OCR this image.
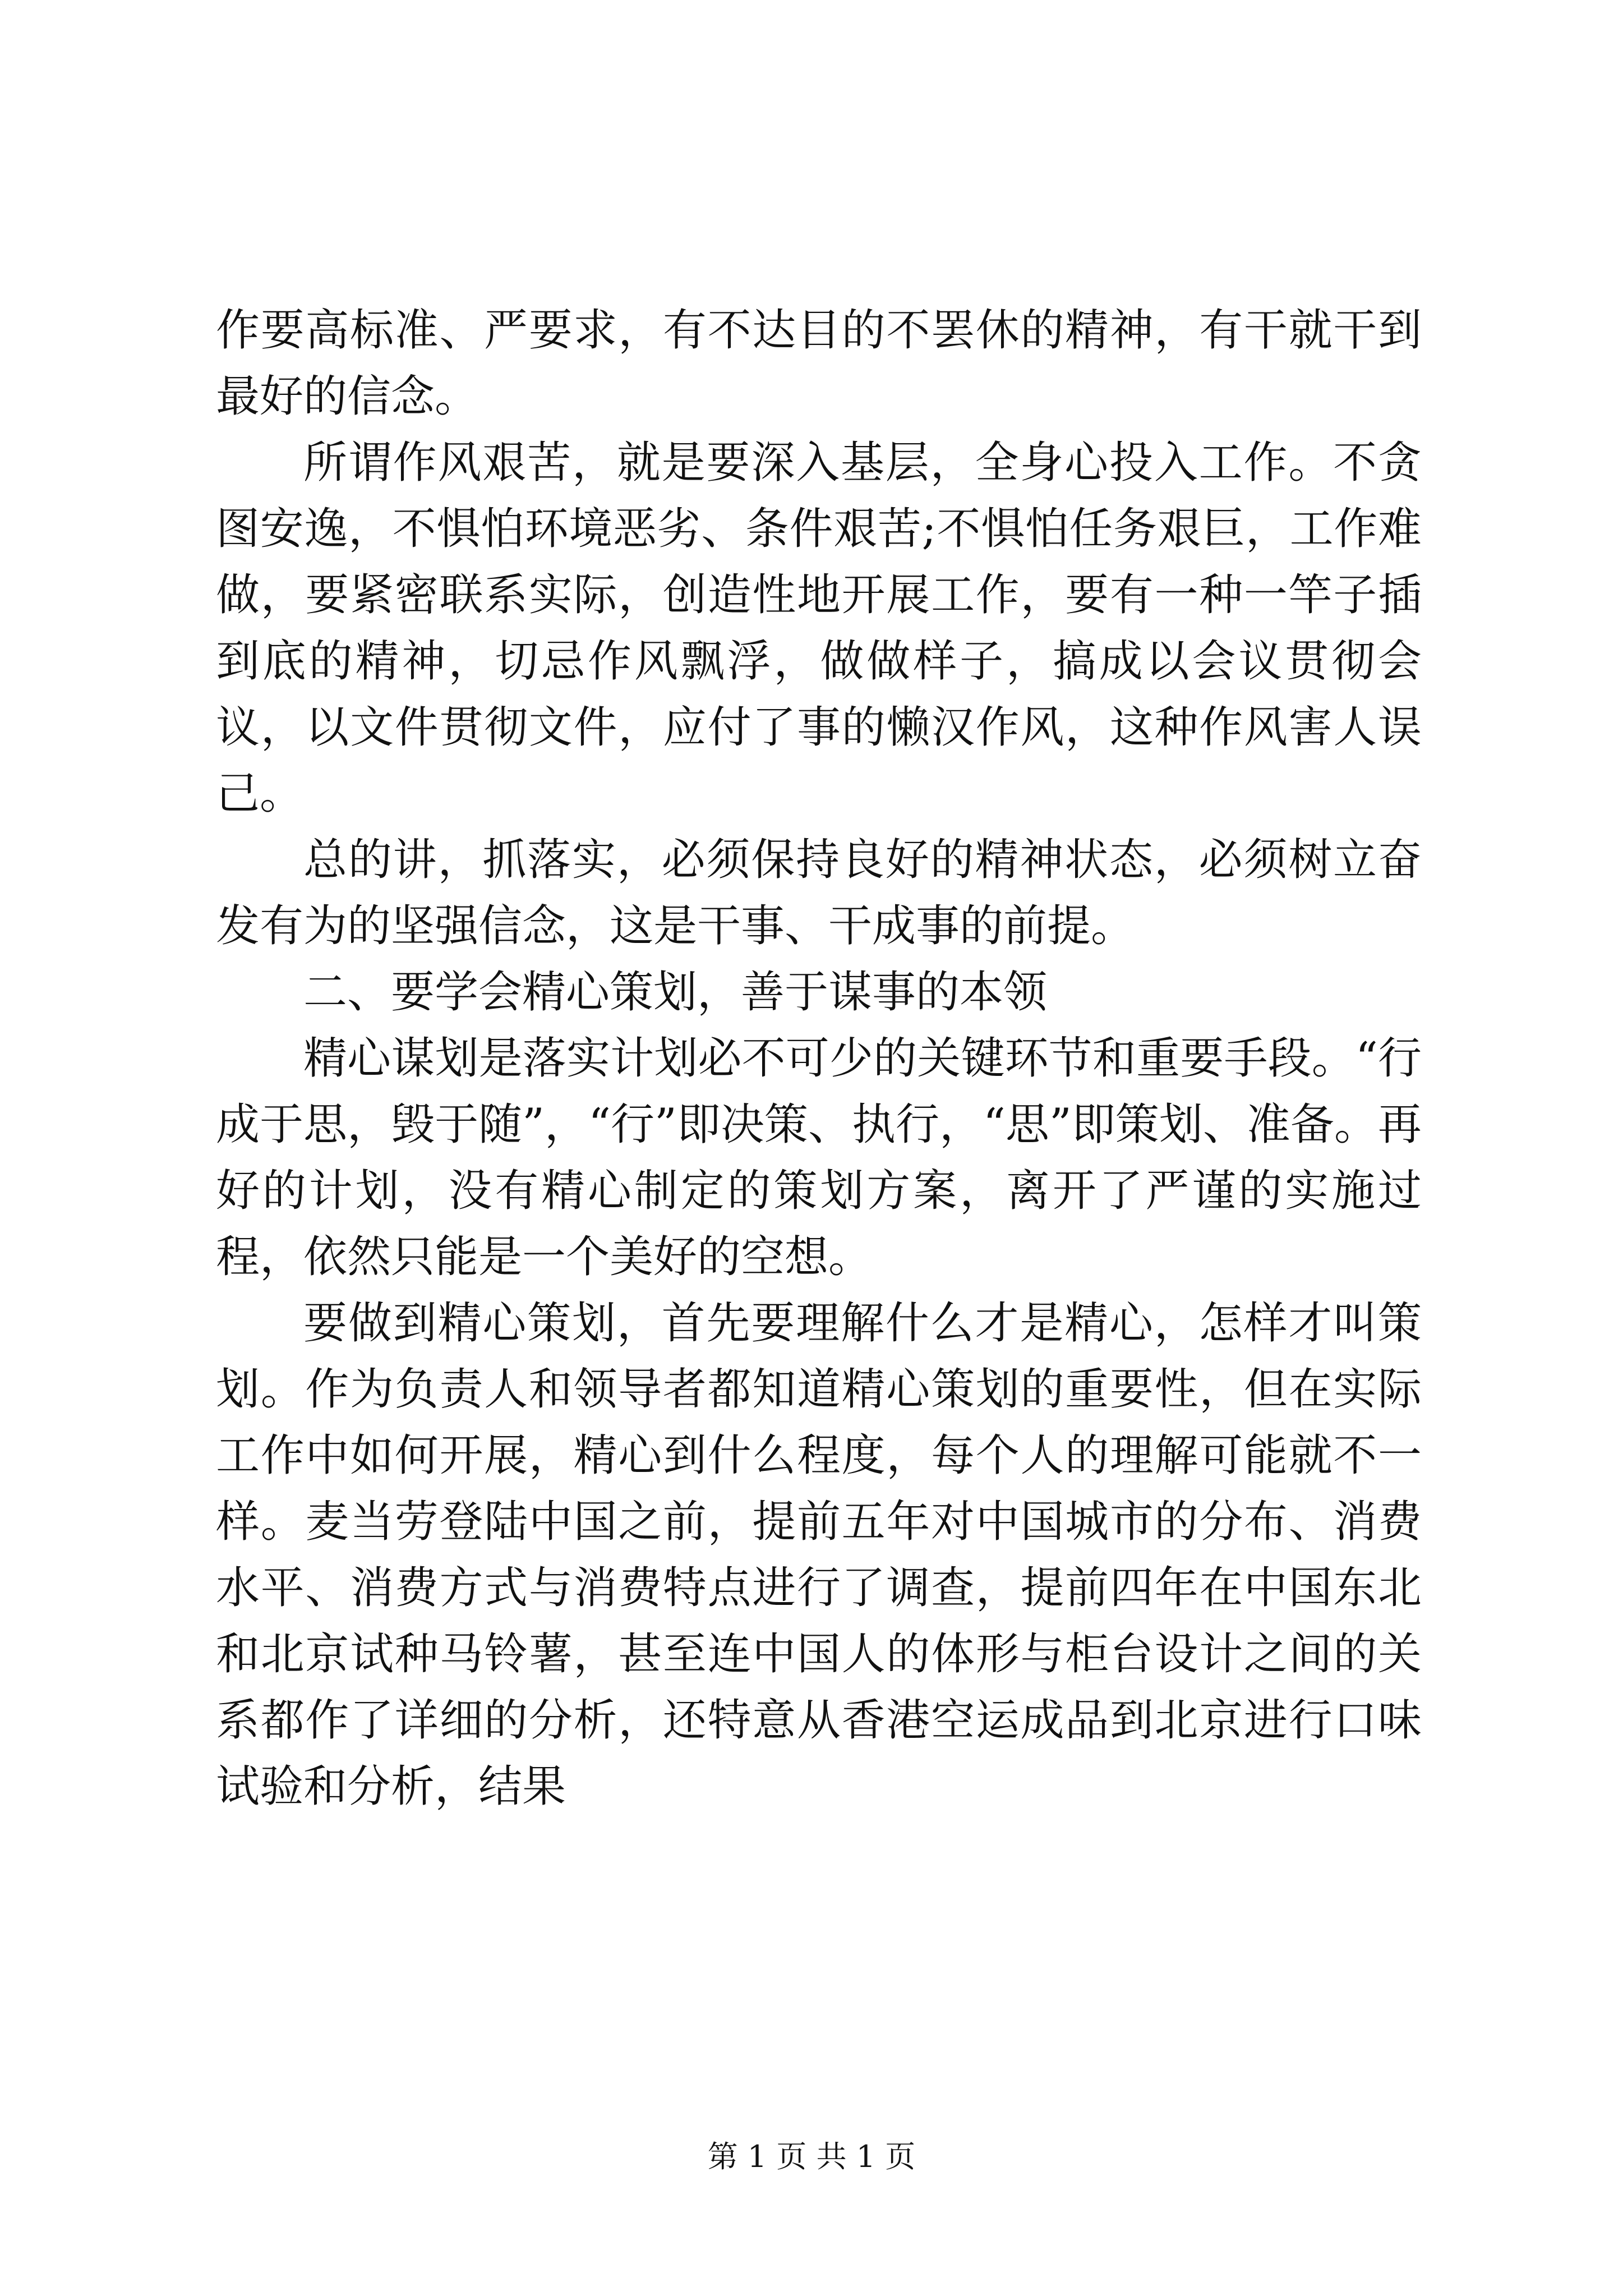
作要高标准、严要求，有不达目的不罢休的精神，有干就干到最好的信念。

所谓作风艰苦，就是要深入基层，全身心投入工作。不贪图安逸，不惧怕环境恶劣、条件艰苦;不惧怕任务艰巨，工作难做，要紧密联系实际，创造性地开展工作，要有一种一竿子插到底的精神，切忌作风飘浮，做做样子，搞成以会议贯彻会议，以文件贯彻文件，应付了事的懒汉作风，这种作风害人误己。

总的讲，抓落实，必须保持良好的精神状态，必须树立奋发有为的坚强信念，这是干事、干成事的前提。

二、要学会精心策划，善于谋事的本领

精心谋划是落实计划必不可少的关键环节和重要手段。“行成于思，毁于随”，“行”即决策、执行，“思”即策划、准备。再好的计划，没有精心制定的策划方案，离开了严谨的实施过程，依然只能是一个美好的空想。

要做到精心策划，首先要理解什么才是精心，怎样才叫策划。作为负责人和领导者都知道精心策划的重要性，但在实际工作中如何开展，精心到什么程度，每个人的理解可能就不一样。麦当劳登陆中国之前，提前五年对中国城市的分布、消费水平、消费方式与消费特点进行了调查，提前四年在中国东北和北京试种马铃薯，甚至连中国人的体形与柜台设计之间的关系都作了详细的分析，还特意从香港空运成品到北京进行口味试验和分析，结果

第 1 页 共 1 页
